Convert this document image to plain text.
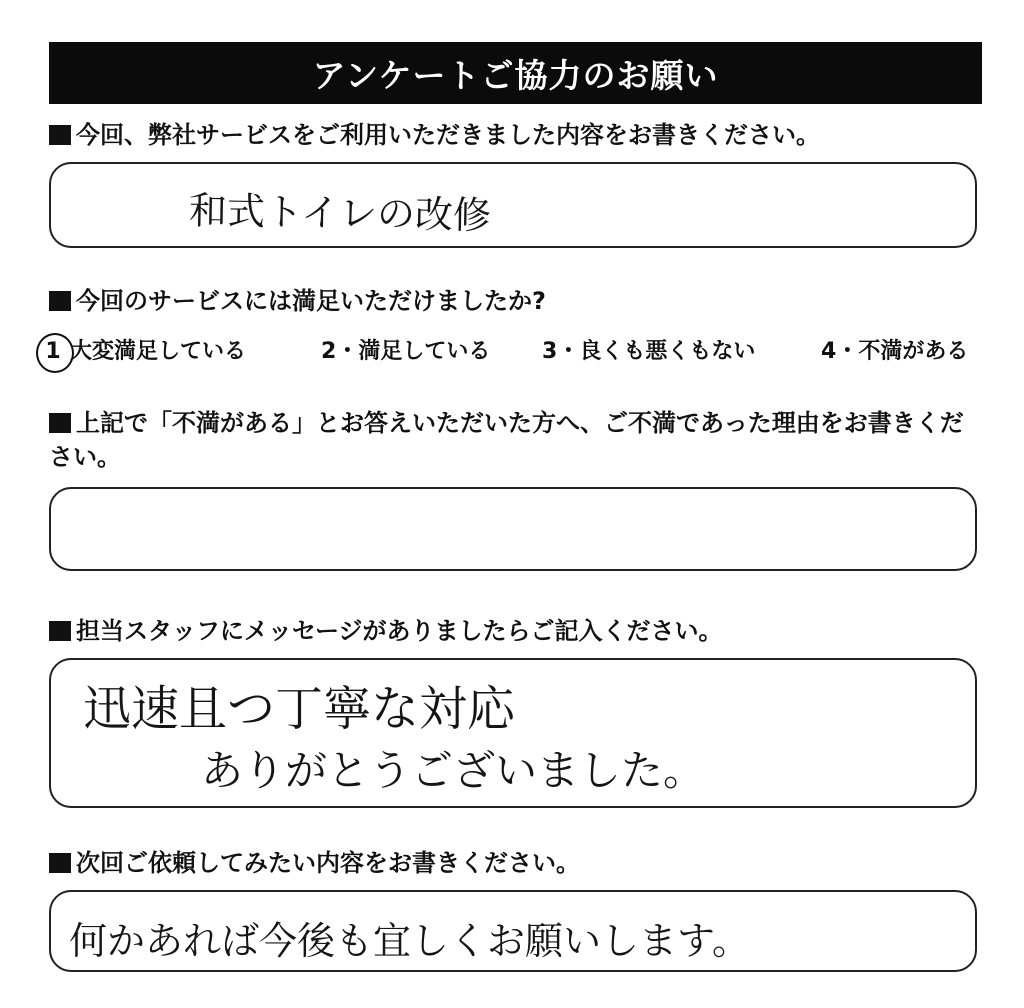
アンケートご協力のお願い
今回、弊社サービスをご利用いただきました内容をお書きください。
和式トイレの改修
今回のサービスには満足いただけましたか?
1 大変満足している	2・満足している 3・良くも悪くもない	4・不満がある
上記で「不満がある」とお答えいただいた方へ、ご不満であった理由をお書きください。
担当スタッフにメッセージがありましたらご記入ください。
迅速且つ丁寧な対応
ありがとうございました。
次回ご依頼してみたい内容をお書きください。
何かあれば今後も宜しくお願いします。
